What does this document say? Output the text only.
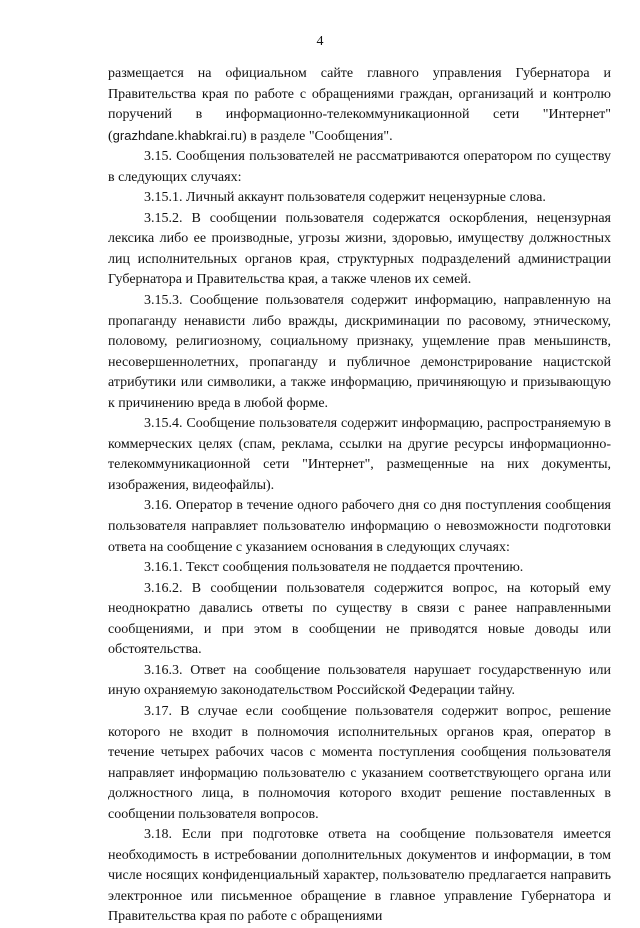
4

размещается на официальном сайте главного управления Губернатора и Правительства края по работе с обращениями граждан, организаций и контролю поручений в информационно-телекоммуникационной сети "Интернет" (grazhdane.khabkrai.ru) в разделе "Сообщения".

3.15. Сообщения пользователей не рассматриваются оператором по существу в следующих случаях:

3.15.1. Личный аккаунт пользователя содержит нецензурные слова.

3.15.2. В сообщении пользователя содержатся оскорбления, нецензурная лексика либо ее производные, угрозы жизни, здоровью, имуществу должностных лиц исполнительных органов края, структурных подразделений администрации Губернатора и Правительства края, а также членов их семей.

3.15.3. Сообщение пользователя содержит информацию, направленную на пропаганду ненависти либо вражды, дискриминации по расовому, этническому, половому, религиозному, социальному признаку, ущемление прав меньшинств, несовершеннолетних, пропаганду и публичное демонстрирование нацистской атрибутики или символики, а также информацию, причиняющую и призывающую к причинению вреда в любой форме.

3.15.4. Сообщение пользователя содержит информацию, распространяемую в коммерческих целях (спам, реклама, ссылки на другие ресурсы информационно-телекоммуникационной сети "Интернет", размещенные на них документы, изображения, видеофайлы).

3.16. Оператор в течение одного рабочего дня со дня поступления сообщения пользователя направляет пользователю информацию о невозможности подготовки ответа на сообщение с указанием основания в следующих случаях:

3.16.1. Текст сообщения пользователя не поддается прочтению.

3.16.2. В сообщении пользователя содержится вопрос, на который ему неоднократно давались ответы по существу в связи с ранее направленными сообщениями, и при этом в сообщении не приводятся новые доводы или обстоятельства.

3.16.3. Ответ на сообщение пользователя нарушает государственную или иную охраняемую законодательством Российской Федерации тайну.

3.17. В случае если сообщение пользователя содержит вопрос, решение которого не входит в полномочия исполнительных органов края, оператор в течение четырех рабочих часов с момента поступления сообщения пользователя направляет информацию пользователю с указанием соответствующего органа или должностного лица, в полномочия которого входит решение поставленных в сообщении пользователя вопросов.

3.18. Если при подготовке ответа на сообщение пользователя имеется необходимость в истребовании дополнительных документов и информации, в том числе носящих конфиденциальный характер, пользователю предлагается направить электронное или письменное обращение в главное управление Губернатора и Правительства края по работе с обращениями
